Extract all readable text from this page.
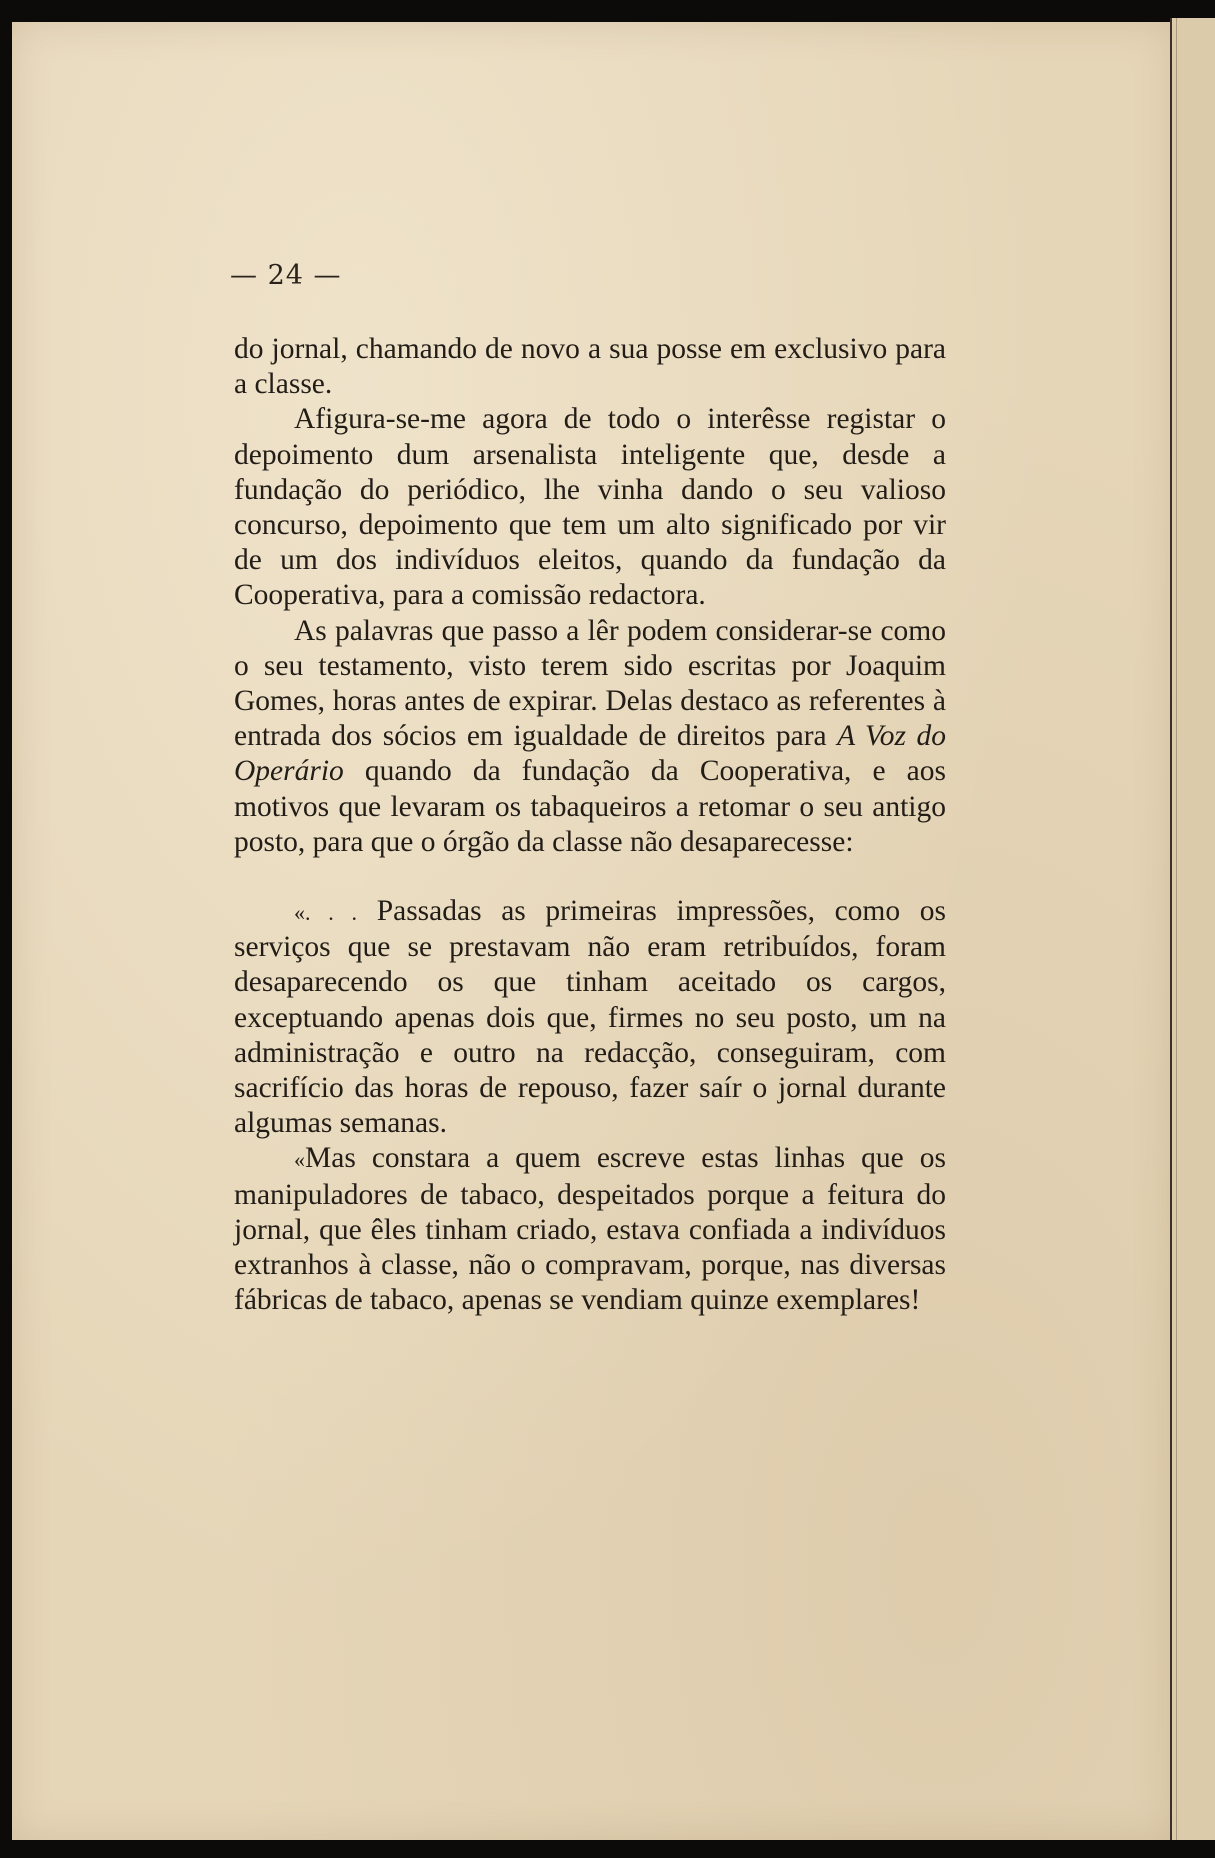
— 24 —

do jornal, chamando de novo a sua posse em exclusivo para a classe.

Afigura-se-me agora de todo o interêsse registar o depoimento dum arsenalista inteligente que, desde a fundação do periódico, lhe vinha dando o seu valioso concurso, depoimento que tem um alto significado por vir de um dos indivíduos eleitos, quando da fundação da Cooperativa, para a comissão redactora.

As palavras que passo a lêr podem considerar-se como o seu testamento, visto terem sido escritas por Joaquim Gomes, horas antes de expirar. Delas destaco as referentes à entrada dos sócios em igualdade de direitos para A Voz do Operário quando da fundação da Cooperativa, e aos motivos que levaram os tabaqueiros a retomar o seu antigo posto, para que o órgão da classe não desaparecesse:

«. . . Passadas as primeiras impressões, como os serviços que se prestavam não eram retribuídos, foram desaparecendo os que tinham aceitado os cargos, exceptuando apenas dois que, firmes no seu posto, um na administração e outro na redacção, conseguiram, com sacrifício das horas de repouso, fazer saír o jornal durante algumas semanas.

«Mas constara a quem escreve estas linhas que os manipuladores de tabaco, despeitados porque a feitura do jornal, que êles tinham criado, estava confiada a indivíduos extranhos à classe, não o compravam, porque, nas diversas fábricas de tabaco, apenas se vendiam quinze exemplares!
